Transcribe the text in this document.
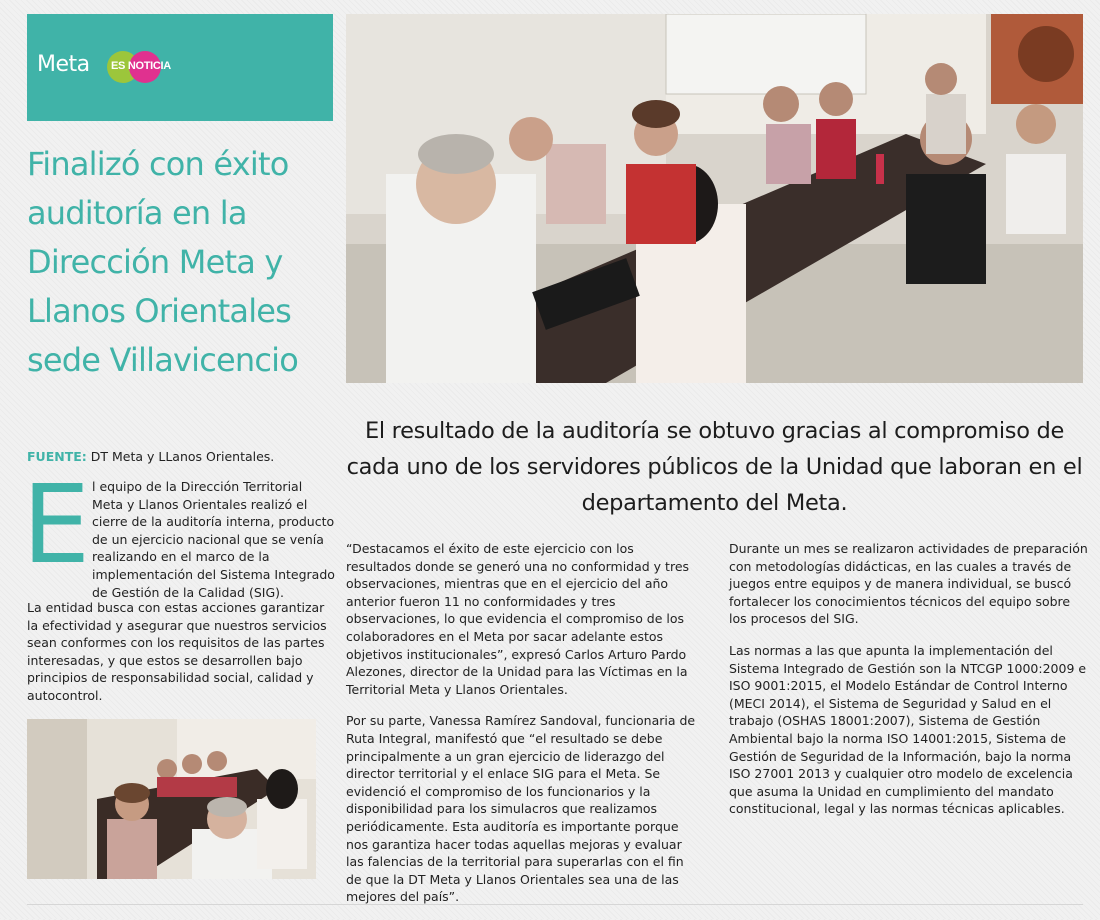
Meta ES NOTICIA
Finalizó con éxito auditoría en la Dirección Meta y Llanos Orientales sede Villavicencio
El resultado de la auditoría se obtuvo gracias al compromiso de cada uno de los servidores públicos de la Unidad que laboran en el departamento del Meta.
FUENTE: DT Meta y LLanos Orientales.
E l equipo de la Dirección Territorial Meta y Llanos Orientales realizó el cierre de la auditoría interna, producto de un ejercicio nacional que se venía realizando en el marco de la implementación del Sistema Integrado de Gestión de la Calidad (SIG).

La entidad busca con estas acciones garantizar la efectividad y asegurar que nuestros servicios sean conformes con los requisitos de las partes interesadas, y que estos se desarrollen bajo principios de responsabilidad social, calidad y autocontrol.

“Destacamos el éxito de este ejercicio con los resultados donde se generó una no conformidad y tres observaciones, mientras que en el ejercicio del año anterior fueron 11 no conformidades y tres observaciones, lo que evidencia el compromiso de los colaboradores en el Meta por sacar adelante estos objetivos institucionales”, expresó Carlos Arturo Pardo Alezones, director de la Unidad para las Víctimas en la Territorial Meta y Llanos Orientales.

Por su parte, Vanessa Ramírez Sandoval, funcionaria de Ruta Integral, manifestó que “el resultado se debe principalmente a un gran ejercicio de liderazgo del director territorial y el enlace SIG para el Meta. Se evidenció el compromiso de los funcionarios y la disponibilidad para los simulacros que realizamos periódicamente. Esta auditoría es importante porque nos garantiza hacer todas aquellas mejoras y evaluar las falencias de la territorial para superarlas con el fin de que la DT Meta y Llanos Orientales sea una de las mejores del país”.

Durante un mes se realizaron actividades de preparación con metodologías didácticas, en las cuales a través de juegos entre equipos y de manera individual, se buscó fortalecer los conocimientos técnicos del equipo sobre los procesos del SIG.

Las normas a las que apunta la implementación del Sistema Integrado de Gestión son la NTCGP 1000:2009 e ISO 9001:2015, el Modelo Estándar de Control Interno (MECI 2014), el Sistema de Seguridad y Salud en el trabajo (OSHAS 18001:2007), Sistema de Gestión Ambiental bajo la norma ISO 14001:2015, Sistema de Gestión de Seguridad de la Información, bajo la norma ISO 27001 2013 y cualquier otro modelo de excelencia que asuma la Unidad en cumplimiento del mandato constitucional, legal y las normas técnicas aplicables.
